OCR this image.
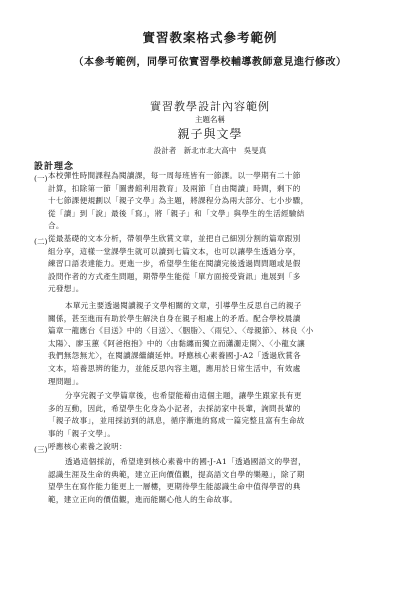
實習教案格式參考範例
（本參考範例，同學可依實習學校輔導教師意見進行修改）
實習教學設計內容範例
主題名稱
親子與文學
設計者　新北市北大高中　吳旻真
設計理念
(一) 本校彈性時間課程為閱讀課，每一周每班皆有一節課。以一學期有二十節
計算，扣除第一節「圖書館利用教育」及兩節「自由閱讀」時間，剩下的
十七節課便規劃以「親子文學」為主題，將課程分為兩大部分、七小步驟，
從「讀」到「說」最後「寫」，將「親子」和「文學」與學生的生活經驗結
合。
(二) 從最基礎的文本分析，帶領學生欣賞文章，並把自己細別分割的篇章跟別
組分享，這樣一堂課學生就可以讀到七篇文本，也可以讓學生透過分享，
練習口語表達能力。更進一步，希望學生能在閱讀完後透過問問題或是假
設問作者的方式產生問題，期帶學生能從「單方面接受資訊」進展到「多
元發想」。
本單元主要透過閱讀親子文學相關的文章，引導學生反思自己的親子
關係，甚至進而有助於學生解決自身在親子相處上的矛盾。配合學校晨讀
篇章一龍應台《目送》中的〈目送〉、〈胭脂〉、〈雨兒〉、〈母親節〉、林良〈小
太陽〉、廖玉蕙《阿爸抱抱》中的〈由黏纏而獨立而瀟灑走開〉、〈小龍女讓
我們無怨無尤〉，在閱讀課繼續延伸。呼應核心素養國-J-A2「透過欣賞各
文本，培養思辨的能力，並能反思內容主題，應用於日常生活中，有效處
理問題」。
分享完親子文學篇章後，也希望能藉由這個主題，讓學生跟家長有更
多的互動，因此，希望學生化身為小記者，去採訪家中長輩，詢問長輩的
「親子故事」，並用採訪到的訊息，循序漸進的寫成一篇完整且富有生命故
事的「親子文學」。
(三) 呼應核心素養之說明：
透過這個採訪，希望達到核心素養中的國-J-A1「透過國語文的學習，
認識生涯及生命的典範，建立正向價值觀，提高語文自學的樂趣」，除了期
望學生在寫作能力能更上一層樓，更期待學生能認識生命中值得學習的典
範，建立正向的價值觀，進而能關心他人的生命故事。
